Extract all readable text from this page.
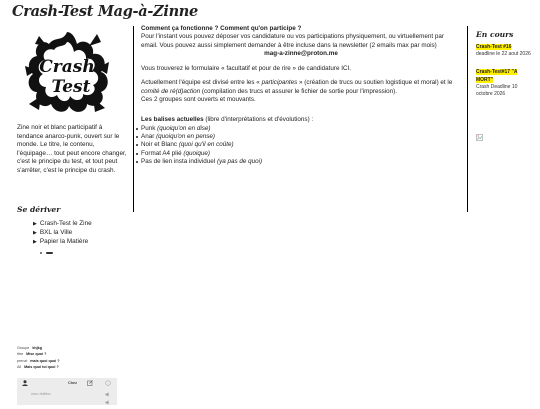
Crash-Test Mag-à-Zinne
Crash
Test
Zine noir et blanc participatif à tendance anarco-punk, ouvert sur le monde. Le titre, le contenu, l'équipage… tout peut encore changer, c'est le principe du test, et tout peut s'arrêter, c'est le principe du crash.
Se dériver
▶ Crash-Test le Zine
▶ BXL la Ville
▶ Papier la Matière
Groupe khjkg
titre Mise quoi ?
prenzt mais quoi quoi ?
All Mais quoi toi quoi ?
Chez
mon édition

Comment ça fonctionne ? Comment qu'on participe ?

Pour l'instant vous pouvez déposer vos candidature ou vos participations physiquement, ou virtuellement par email. Vous pouvez aussi simplement demander à être incluse dans la newsletter (2 emails max par mois)

mag-a-zinne@proton.me

Vous trouverez le formulaire « facultatif et pour de rire » de candidature ICI.

Actuellement l'équipe est divisé entre les « participantes » (création de trucs ou soutien logistique et moral) et le comité de ré(d)action (compilation des trucs et assurer le fichier de sortie pour l'impression).

Ces 2 groupes sont ouverts et mouvants.

Les balises actuelles (libre d'interprétations et d'évolutions) :

Punk (quoiqu'on en dise)
Anar (quoiqu'on en pense)
Noir et Blanc (quoi qu'il en coûte)
Format A4 plié (quoique)
Pas de lien insta individuel (ya pas de quoi)
En cours
Crash-Test #16
deadline le 22 aout 2026
Crash-Test#17 "A MORT"
Crash Deadline 10 octobre 2026
